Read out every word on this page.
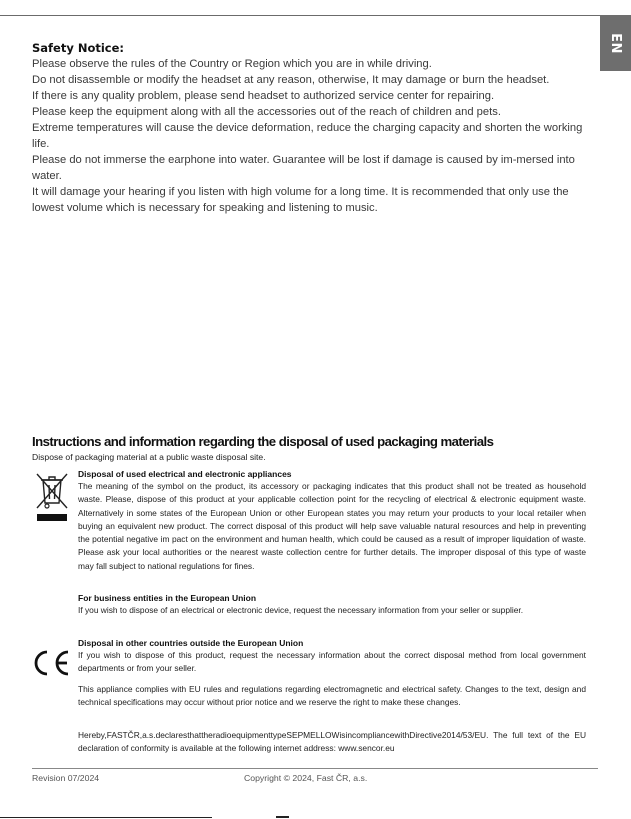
EN
Safety Notice:

Please observe the rules of the Country or Region which you are in while driving.

Do not disassemble or modify the headset at any reason, otherwise, It may damage or burn the headset.

If there is any quality problem, please send headset to authorized service center for repairing.

Please keep the equipment along with all the accessories out of the reach of children and pets.

Extreme temperatures will cause the device deformation, reduce the charging capacity and shorten the working life.

Please do not immerse the earphone into water. Guarantee will be lost if damage is caused by im-mersed into water.

It will damage your hearing if you listen with high volume for a long time. It is recommended that only use the lowest volume which is necessary for speaking and listening to music.

Instructions and information regarding the disposal of used packaging materials
Dispose of packaging material at a public waste disposal site.
Disposal of used electrical and electronic appliances

The meaning of the symbol on the product, its accessory or packaging indicates that this product shall not be treated as household waste. Please, dispose of this product at your applicable collection point for the recycling of electrical & electronic equipment waste. Alternatively in some states of the European Union or other European states you may return your products to your local retailer when buying an equivalent new product. The correct disposal of this product will help save valuable natural resources and help in preventing the potential negative im pact on the environment and human health, which could be caused as a result of improper liquidation of waste. Please ask your local authorities or the nearest waste collection centre for further details. The improper disposal of this type of waste may fall subject to national regulations for fines.

For business entities in the European Union

If you wish to dispose of an electrical or electronic device, request the necessary information from your seller or supplier.

Disposal in other countries outside the European Union

If you wish to dispose of this product, request the necessary information about the correct disposal method from local government departments or from your seller.

This appliance complies with EU rules and regulations regarding electromagnetic and electrical safety. Changes to the text, design and technical specifications may occur without prior notice and we reserve the right to make these changes.

Hereby,FASTČR,a.s.declaresthattheradioequipmenttypeSEPMELLOWisincompliancewithDirective2014/53/EU. The full text of the EU declaration of conformity is available at the following internet address: www.sencor.eu

Revision 07/2024	Copyright © 2024, Fast ČR, a.s.
